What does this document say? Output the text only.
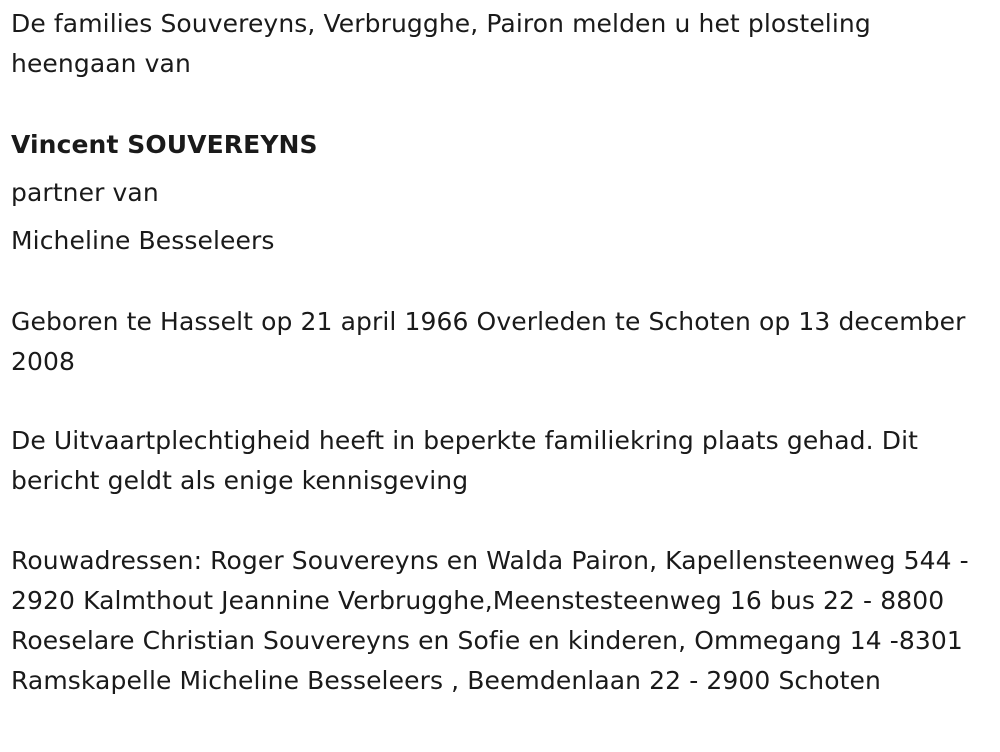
De families Souvereyns, Verbrugghe, Pairon melden u het plosteling heengaan van

Vincent SOUVEREYNS

partner van

Micheline Besseleers

Geboren te Hasselt op 21 april 1966 Overleden te Schoten op 13 december 2008

De Uitvaartplechtigheid heeft in beperkte familiekring plaats gehad. Dit bericht geldt als enige kennisgeving

Rouwadressen: Roger Souvereyns en Walda Pairon, Kapellensteenweg 544 - 2920 Kalmthout Jeannine Verbrugghe,Meenstesteenweg 16 bus 22 - 8800 Roeselare Christian Souvereyns en Sofie en kinderen, Ommegang 14 -8301 Ramskapelle Micheline Besseleers , Beemdenlaan 22 - 2900 Schoten
